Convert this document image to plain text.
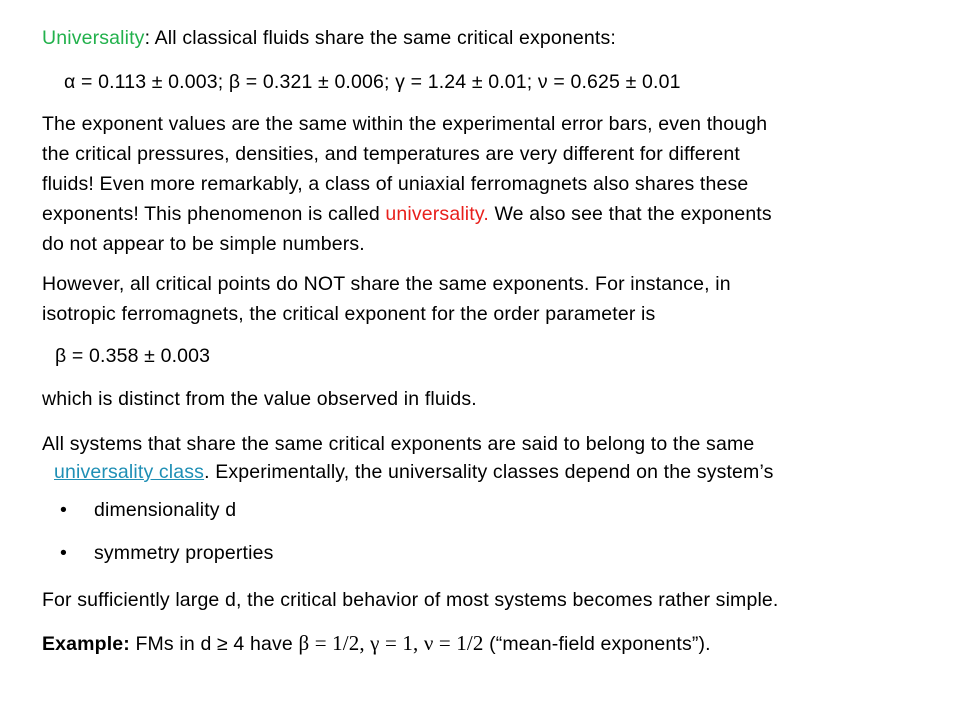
Universality: All classical fluids share the same critical exponents:
α = 0.113 ± 0.003; β = 0.321 ± 0.006; γ = 1.24 ± 0.01; ν = 0.625 ± 0.01
The exponent values are the same within the experimental error bars, even though
the critical pressures, densities, and temperatures are very different for different
fluids! Even more remarkably, a class of uniaxial ferromagnets also shares these
exponents! This phenomenon is called universality. We also see that the exponents
do not appear to be simple numbers.
However, all critical points do NOT share the same exponents. For instance, in
isotropic ferromagnets, the critical exponent for the order parameter is
β = 0.358 ± 0.003
which is distinct from the value observed in fluids.
All systems that share the same critical exponents are said to belong to the same
universality class. Experimentally, the universality classes depend on the system’s
• dimensionality d
• symmetry properties
For sufficiently large d, the critical behavior of most systems becomes rather simple.
Example: FMs in d ≥ 4 have β = 1/2, γ = 1, ν = 1/2 (“mean-field exponents”).
